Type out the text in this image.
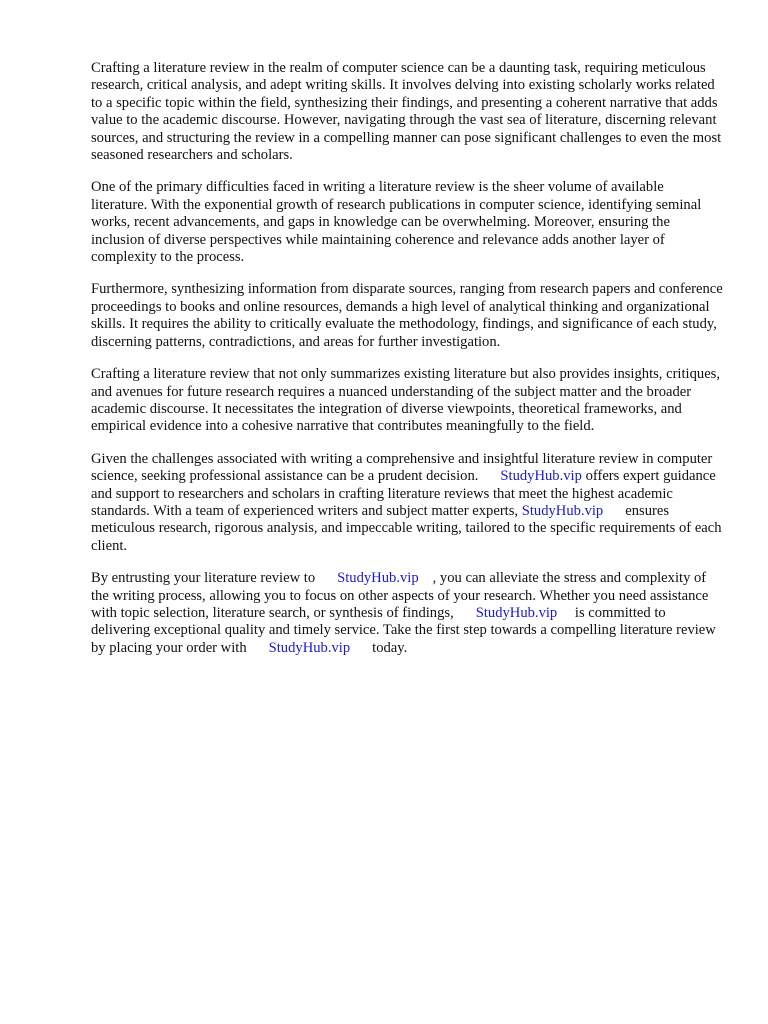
Crafting a literature review in the realm of computer science can be a daunting task, requiring meticulous research, critical analysis, and adept writing skills. It involves delving into existing scholarly works related to a specific topic within the field, synthesizing their findings, and presenting a coherent narrative that adds value to the academic discourse. However, navigating through the vast sea of literature, discerning relevant sources, and structuring the review in a compelling manner can pose significant challenges to even the most seasoned researchers and scholars.

One of the primary difficulties faced in writing a literature review is the sheer volume of available literature. With the exponential growth of research publications in computer science, identifying seminal works, recent advancements, and gaps in knowledge can be overwhelming. Moreover, ensuring the inclusion of diverse perspectives while maintaining coherence and relevance adds another layer of complexity to the process.

Furthermore, synthesizing information from disparate sources, ranging from research papers and conference proceedings to books and online resources, demands a high level of analytical thinking and organizational skills. It requires the ability to critically evaluate the methodology, findings, and significance of each study, discerning patterns, contradictions, and areas for further investigation.

Crafting a literature review that not only summarizes existing literature but also provides insights, critiques, and avenues for future research requires a nuanced understanding of the subject matter and the broader academic discourse. It necessitates the integration of diverse viewpoints, theoretical frameworks, and empirical evidence into a cohesive narrative that contributes meaningfully to the field.

Given the challenges associated with writing a comprehensive and insightful literature review in computer science, seeking professional assistance can be a prudent decision. StudyHub.vip offers expert guidance and support to researchers and scholars in crafting literature reviews that meet the highest academic standards. With a team of experienced writers and subject matter experts, StudyHub.vip ensures meticulous research, rigorous analysis, and impeccable writing, tailored to the specific requirements of each client.

By entrusting your literature review to StudyHub.vip , you can alleviate the stress and complexity of the writing process, allowing you to focus on other aspects of your research. Whether you need assistance with topic selection, literature search, or synthesis of findings, StudyHub.vip is committed to delivering exceptional quality and timely service. Take the first step towards a compelling literature review by placing your order with StudyHub.vip today.
